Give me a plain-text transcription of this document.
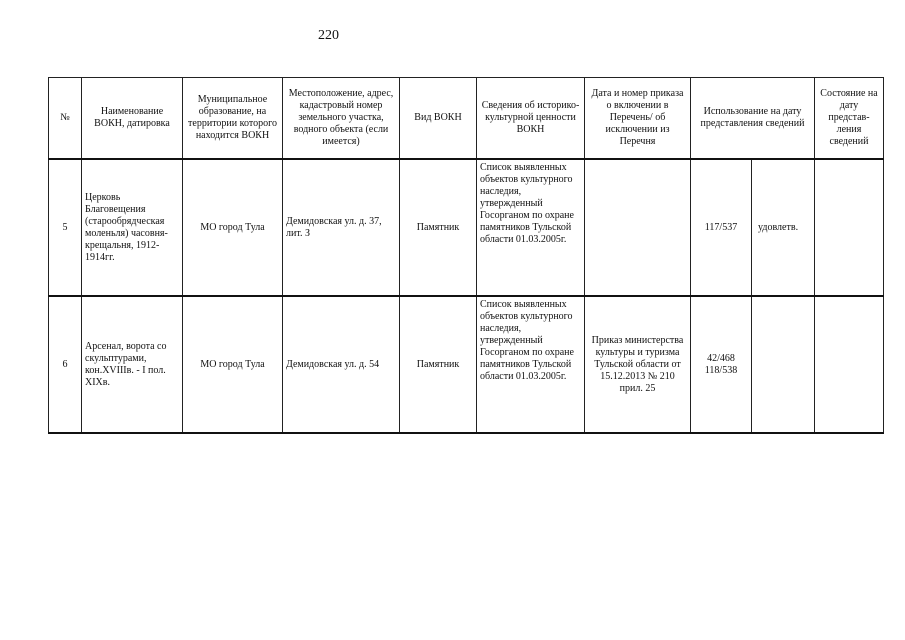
220
№	Наименование ВОКН, датировка	Муниципальное образование, на территории которого находится ВОКН	Местоположение, адрес, кадастровый номер земельного участка, водного объекта (если имеется)	Вид ВОКН	Сведения об историко-культурной ценности ВОКН	Дата и номер приказа о включении в Перечень/ об исключении из Перечня	Использование на дату представления сведений		Состояние на дату представ-ления сведений
5	Церковь Благовещения (старообрядческая моленьля) часовня-крещальня, 1912-1914гг.	МО город Тула	Демидовская ул. д. 37, лит. З	Памятник	Список выявленных объектов культурного наследия, утвержденный Госорганом по охране памятников Тульской области 01.03.2005г.		117/537	удовлетв.	
6	Арсенал, ворота со скульптурами, кон.XVIIIв. - I пол. XIXв.	МО город Тула	Демидовская ул. д. 54	Памятник	Список выявленных объектов культурного наследия, утвержденный Госорганом по охране памятников Тульской области 01.03.2005г.	Приказ министерства культуры и туризма Тульской области от 15.12.2013 № 210 прил. 25	42/468
118/538		
